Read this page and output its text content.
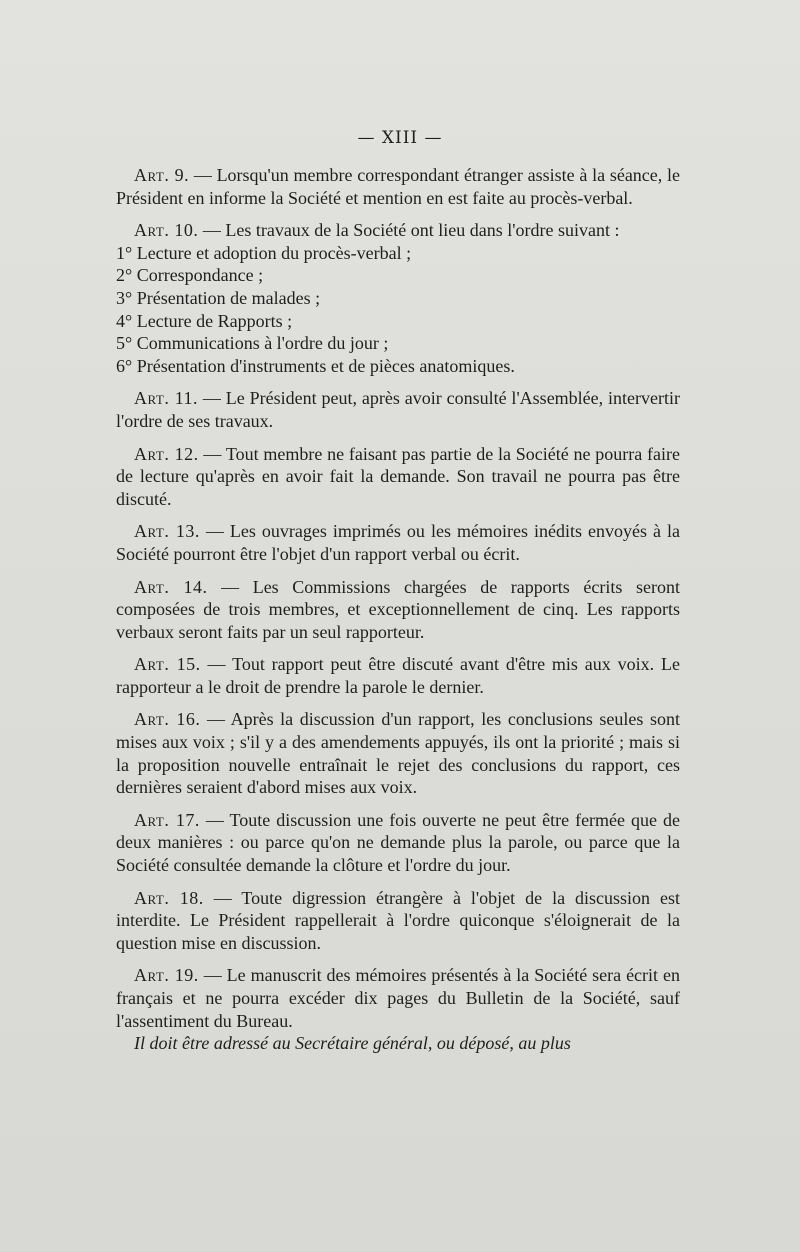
— XIII —

Art. 9. — Lorsqu'un membre correspondant étranger assiste à la séance, le Président en informe la Société et mention en est faite au procès-verbal.

Art. 10. — Les travaux de la Société ont lieu dans l'ordre suivant :
1° Lecture et adoption du procès-verbal ;
2° Correspondance ;
3° Présentation de malades ;
4° Lecture de Rapports ;
5° Communications à l'ordre du jour ;
6° Présentation d'instruments et de pièces anatomiques.

Art. 11. — Le Président peut, après avoir consulté l'Assemblée, intervertir l'ordre de ses travaux.

Art. 12. — Tout membre ne faisant pas partie de la Société ne pourra faire de lecture qu'après en avoir fait la demande. Son travail ne pourra pas être discuté.

Art. 13. — Les ouvrages imprimés ou les mémoires inédits envoyés à la Société pourront être l'objet d'un rapport verbal ou écrit.

Art. 14. — Les Commissions chargées de rapports écrits seront composées de trois membres, et exceptionnellement de cinq. Les rapports verbaux seront faits par un seul rapporteur.

Art. 15. — Tout rapport peut être discuté avant d'être mis aux voix. Le rapporteur a le droit de prendre la parole le dernier.

Art. 16. — Après la discussion d'un rapport, les conclusions seules sont mises aux voix ; s'il y a des amendements appuyés, ils ont la priorité ; mais si la proposition nouvelle entraînait le rejet des conclusions du rapport, ces dernières seraient d'abord mises aux voix.

Art. 17. — Toute discussion une fois ouverte ne peut être fermée que de deux manières : ou parce qu'on ne demande plus la parole, ou parce que la Société consultée demande la clôture et l'ordre du jour.

Art. 18. — Toute digression étrangère à l'objet de la discussion est interdite. Le Président rappellerait à l'ordre quiconque s'éloignerait de la question mise en discussion.

Art. 19. — Le manuscrit des mémoires présentés à la Société sera écrit en français et ne pourra excéder dix pages du Bulletin de la Société, sauf l'assentiment du Bureau.

Il doit être adressé au Secrétaire général, ou déposé, au plus
